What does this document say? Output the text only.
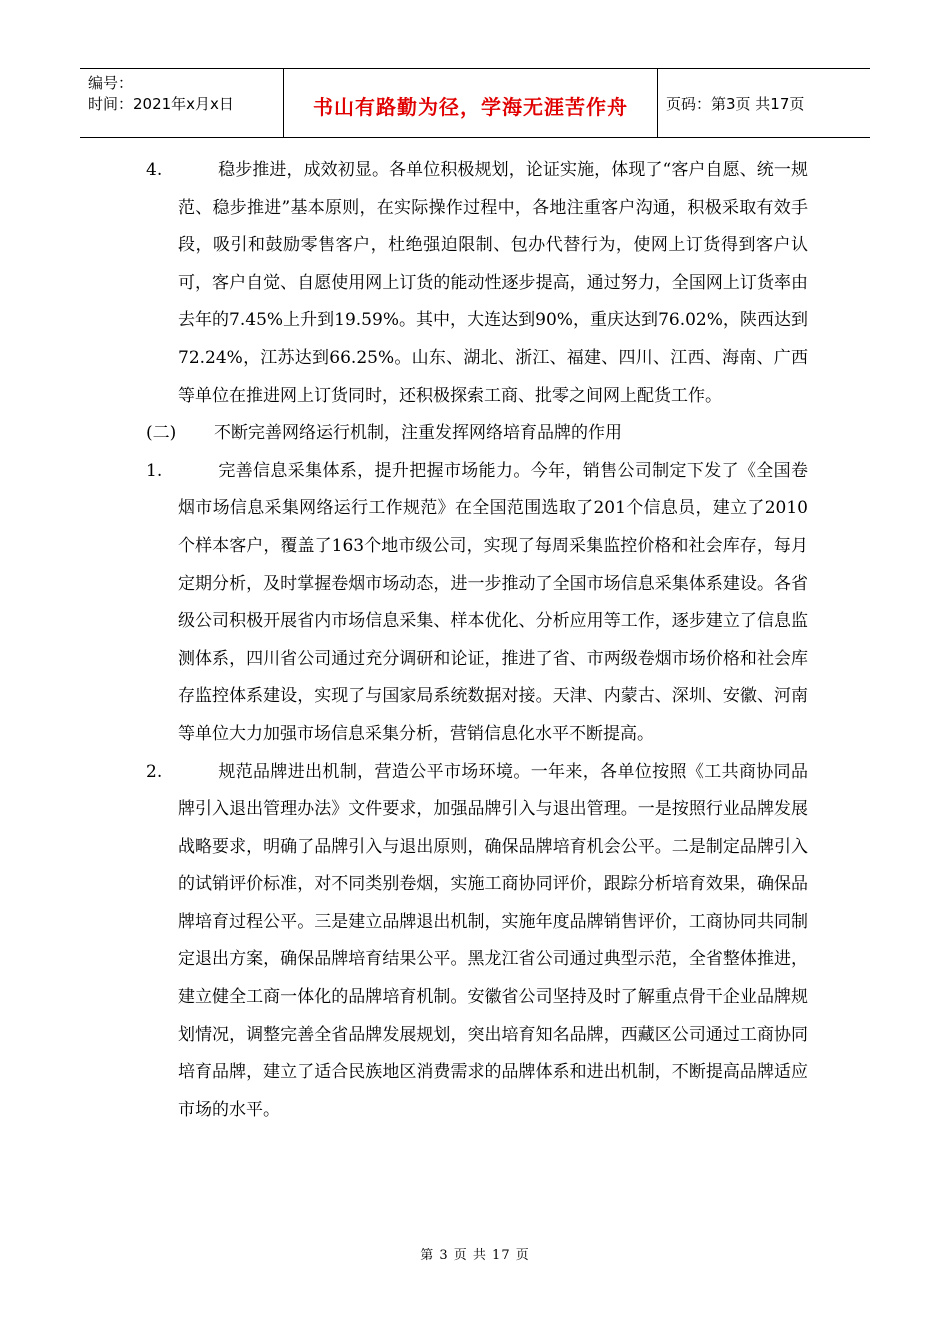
编号：
时间：2021年x月x日	书山有路勤为径，学海无涯苦作舟	页码：第3页 共17页

4.	稳步推进，成效初显。各单位积极规划，论证实施，体现了“客户自愿、统一规范、稳步推进”基本原则，在实际操作过程中，各地注重客户沟通，积极采取有效手段，吸引和鼓励零售客户，杜绝强迫限制、包办代替行为，使网上订货得到客户认可，客户自觉、自愿使用网上订货的能动性逐步提高，通过努力，全国网上订货率由去年的7.45%上升到19.59%。其中，大连达到90%，重庆达到76.02%，陕西达到72.24%，江苏达到66.25%。山东、湖北、浙江、福建、四川、江西、海南、广西等单位在推进网上订货同时，还积极探索工商、批零之间网上配货工作。

(二) 不断完善网络运行机制，注重发挥网络培育品牌的作用

1.	完善信息采集体系，提升把握市场能力。今年，销售公司制定下发了《全国卷烟市场信息采集网络运行工作规范》在全国范围选取了201个信息员，建立了2010个样本客户，覆盖了163个地市级公司，实现了每周采集监控价格和社会库存，每月定期分析，及时掌握卷烟市场动态，进一步推动了全国市场信息采集体系建设。各省级公司积极开展省内市场信息采集、样本优化、分析应用等工作，逐步建立了信息监测体系，四川省公司通过充分调研和论证，推进了省、市两级卷烟市场价格和社会库存监控体系建设，实现了与国家局系统数据对接。天津、内蒙古、深圳、安徽、河南等单位大力加强市场信息采集分析，营销信息化水平不断提高。

2.	规范品牌进出机制，营造公平市场环境。一年来，各单位按照《工共商协同品牌引入退出管理办法》文件要求，加强品牌引入与退出管理。一是按照行业品牌发展战略要求，明确了品牌引入与退出原则，确保品牌培育机会公平。二是制定品牌引入的试销评价标准，对不同类别卷烟，实施工商协同评价，跟踪分析培育效果，确保品牌培育过程公平。三是建立品牌退出机制，实施年度品牌销售评价，工商协同共同制定退出方案，确保品牌培育结果公平。黑龙江省公司通过典型示范，全省整体推进，建立健全工商一体化的品牌培育机制。安徽省公司坚持及时了解重点骨干企业品牌规划情况，调整完善全省品牌发展规划，突出培育知名品牌，西藏区公司通过工商协同培育品牌，建立了适合民族地区消费需求的品牌体系和进出机制，不断提高品牌适应市场的水平。

第 3 页 共 17 页
